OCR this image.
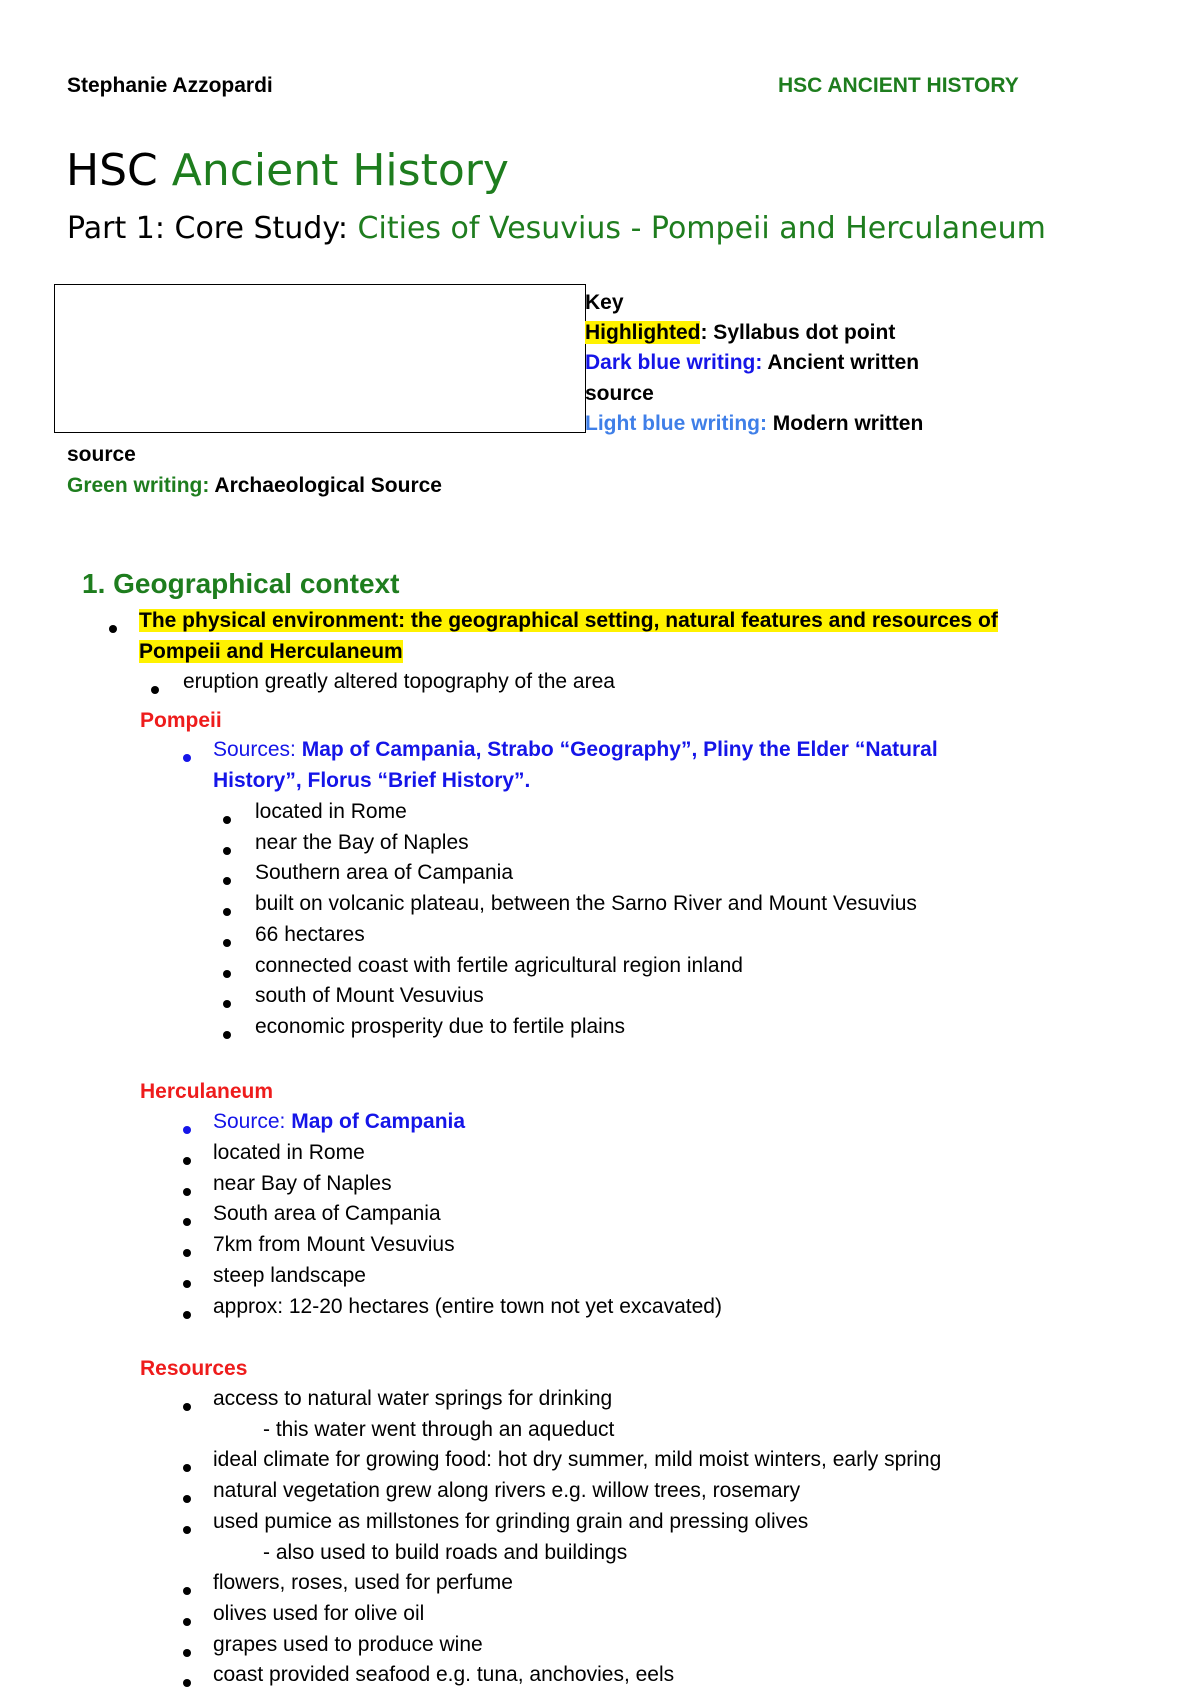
Stephanie Azzopardi	HSC ANCIENT HISTORY
HSC Ancient History
Part 1: Core Study: Cities of Vesuvius - Pompeii and Herculaneum
Key
Highlighted: Syllabus dot point
Dark blue writing: Ancient written
source
Light blue writing: Modern written
source
Green writing: Archaeological Source
1. Geographical context
The physical environment: the geographical setting, natural features and resources of
Pompeii and Herculaneum
eruption greatly altered topography of the area
Pompeii
Sources: Map of Campania, Strabo “Geography”, Pliny the Elder “Natural
History”, Florus “Brief History”.
located in Rome
near the Bay of Naples
Southern area of Campania
built on volcanic plateau, between the Sarno River and Mount Vesuvius
66 hectares
connected coast with fertile agricultural region inland
south of Mount Vesuvius
economic prosperity due to fertile plains
Herculaneum
Source: Map of Campania
located in Rome
near Bay of Naples
South area of Campania
7km from Mount Vesuvius
steep landscape
approx: 12-20 hectares (entire town not yet excavated)
Resources
access to natural water springs for drinking
- this water went through an aqueduct
ideal climate for growing food: hot dry summer, mild moist winters, early spring
natural vegetation grew along rivers e.g. willow trees, rosemary
used pumice as millstones for grinding grain and pressing olives
- also used to build roads and buildings
flowers, roses, used for perfume
olives used for olive oil
grapes used to produce wine
coast provided seafood e.g. tuna, anchovies, eels
